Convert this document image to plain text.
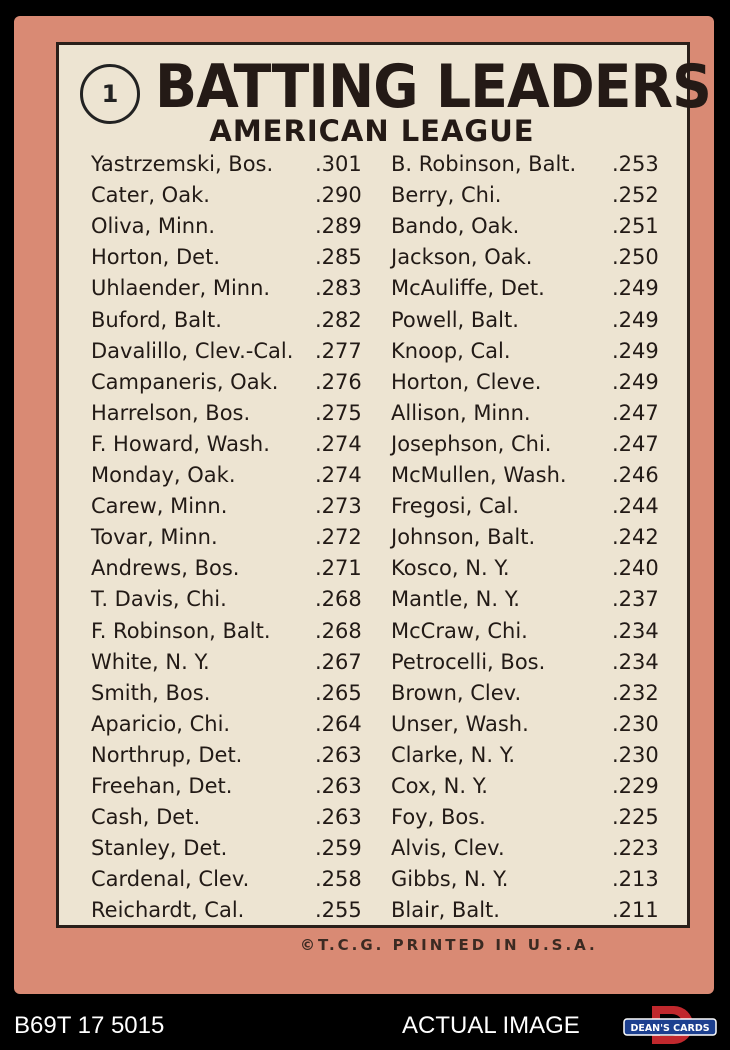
1 BATTING LEADERS
AMERICAN LEAGUE
Yastrzemski, Bos. .301 B. Robinson, Balt. .253
Cater, Oak.	.290 Berry, Chi.	.252
Oliva, Minn.	.289 Bando, Oak.	.251
Horton, Det.	.285 Jackson, Oak.	.250
Uhlaender, Minn. .283 McAuliffe, Det.	.249
Buford, Balt.	.282 Powell, Balt.	.249
Davalillo, Clev.-Cal. .277 Knoop, Cal.	.249
Campaneris, Oak. .276 Horton, Cleve.	.249
Harrelson, Bos.	.275 Allison, Minn.	.247
F. Howard, Wash. .274 Josephson, Chi.	.247
Monday, Oak.	.274 McMullen, Wash. .246
Carew, Minn.	.273 Fregosi, Cal.	.244
Tovar, Minn.	.272 Johnson, Balt.	.242
Andrews, Bos.	.271 Kosco, N. Y.	.240
T. Davis, Chi.	.268 Mantle, N. Y.	.237
F. Robinson, Balt. .268 McCraw, Chi.	.234
White, N. Y.	.267 Petrocelli, Bos.	.234
Smith, Bos.	.265 Brown, Clev.	.232
Aparicio, Chi.	.264 Unser, Wash.	.230
Northrup, Det.	.263 Clarke, N. Y.	.230
Freehan, Det.	.263 Cox, N. Y.	.229
Cash, Det.	.263 Foy, Bos.	.225
Stanley, Det.	.259 Alvis, Clev.	.223
Cardenal, Clev.	.258 Gibbs, N. Y.	.213
Reichardt, Cal.	.255 Blair, Balt.	.211
©T.C.G. PRINTED IN U.S.A.
B69T 17 5015	ACTUAL IMAGE	DEAN'S CARDS
